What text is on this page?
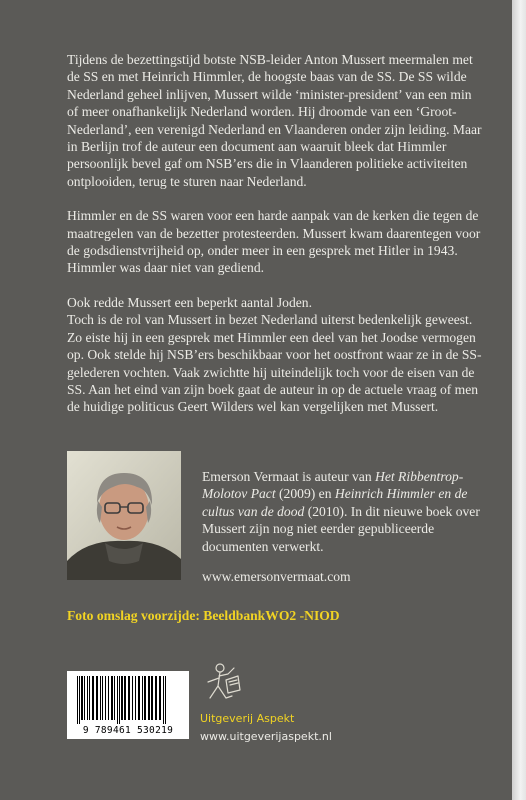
Tijdens de bezettingstijd botste NSB-leider Anton Mussert meermalen met de SS en met Heinrich Himmler, de hoogste baas van de SS. De SS wilde Nederland geheel inlijven, Mussert wilde ‘minister-president’ van een min of meer onafhankelijk Nederland worden. Hij droomde van een ‘Groot-Nederland’, een verenigd Nederland en Vlaanderen onder zijn leiding. Maar in Berlijn trof de auteur een document aan waaruit bleek dat Himmler persoonlijk bevel gaf om NSB’ers die in Vlaanderen politieke activiteiten ontplooiden, terug te sturen naar Nederland.

Himmler en de SS waren voor een harde aanpak van de kerken die tegen de maatregelen van de bezetter protesteerden. Mussert kwam daarentegen voor de godsdienstvrijheid op, onder meer in een gesprek met Hitler in 1943. Himmler was daar niet van gediend.

Ook redde Mussert een beperkt aantal Joden.

Toch is de rol van Mussert in bezet Nederland uiterst bedenkelijk geweest. Zo eiste hij in een gesprek met Himmler een deel van het Joodse vermogen op. Ook stelde hij NSB’ers beschikbaar voor het oostfront waar ze in de SS-gelederen vochten. Vaak zwichtte hij uiteindelijk toch voor de eisen van de SS. Aan het eind van zijn boek gaat de auteur in op de actuele vraag of men de huidige politicus Geert Wilders wel kan vergelijken met Mussert.

Emerson Vermaat is auteur van Het Ribbentrop-Molotov Pact (2009) en Heinrich Himmler en de cultus van de dood (2010). In dit nieuwe boek over Mussert zijn nog niet eerder gepubliceerde documenten verwerkt.
www.emersonvermaat.com
Foto omslag voorzijde: BeeldbankWO2 -NIOD
9 789461 530219
Uitgeverij Aspekt
www.uitgeverijaspekt.nl
